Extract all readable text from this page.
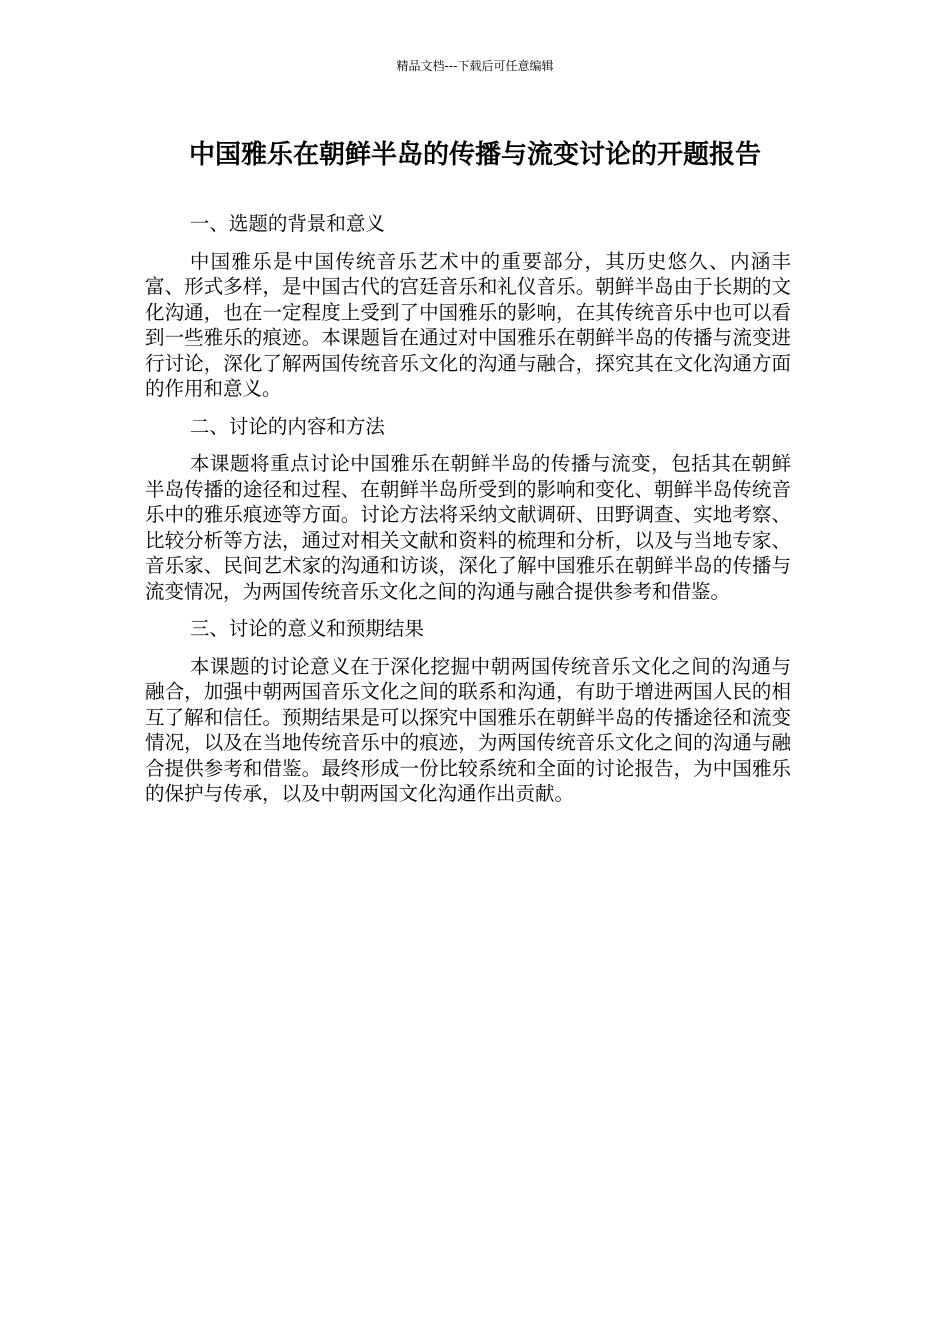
精品文档---下载后可任意编辑
中国雅乐在朝鲜半岛的传播与流变讨论的开题报告
一、选题的背景和意义

中国雅乐是中国传统音乐艺术中的重要部分，其历史悠久、内涵丰富、形式多样，是中国古代的宫廷音乐和礼仪音乐。朝鲜半岛由于长期的文化沟通，也在一定程度上受到了中国雅乐的影响，在其传统音乐中也可以看到一些雅乐的痕迹。本课题旨在通过对中国雅乐在朝鲜半岛的传播与流变进行讨论，深化了解两国传统音乐文化的沟通与融合，探究其在文化沟通方面的作用和意义。

二、讨论的内容和方法

本课题将重点讨论中国雅乐在朝鲜半岛的传播与流变，包括其在朝鲜半岛传播的途径和过程、在朝鲜半岛所受到的影响和变化、朝鲜半岛传统音乐中的雅乐痕迹等方面。讨论方法将采纳文献调研、田野调查、实地考察、比较分析等方法，通过对相关文献和资料的梳理和分析，以及与当地专家、音乐家、民间艺术家的沟通和访谈，深化了解中国雅乐在朝鲜半岛的传播与流变情况，为两国传统音乐文化之间的沟通与融合提供参考和借鉴。

三、讨论的意义和预期结果

本课题的讨论意义在于深化挖掘中朝两国传统音乐文化之间的沟通与融合，加强中朝两国音乐文化之间的联系和沟通，有助于增进两国人民的相互了解和信任。预期结果是可以探究中国雅乐在朝鲜半岛的传播途径和流变情况，以及在当地传统音乐中的痕迹，为两国传统音乐文化之间的沟通与融合提供参考和借鉴。最终形成一份比较系统和全面的讨论报告，为中国雅乐的保护与传承，以及中朝两国文化沟通作出贡献。
